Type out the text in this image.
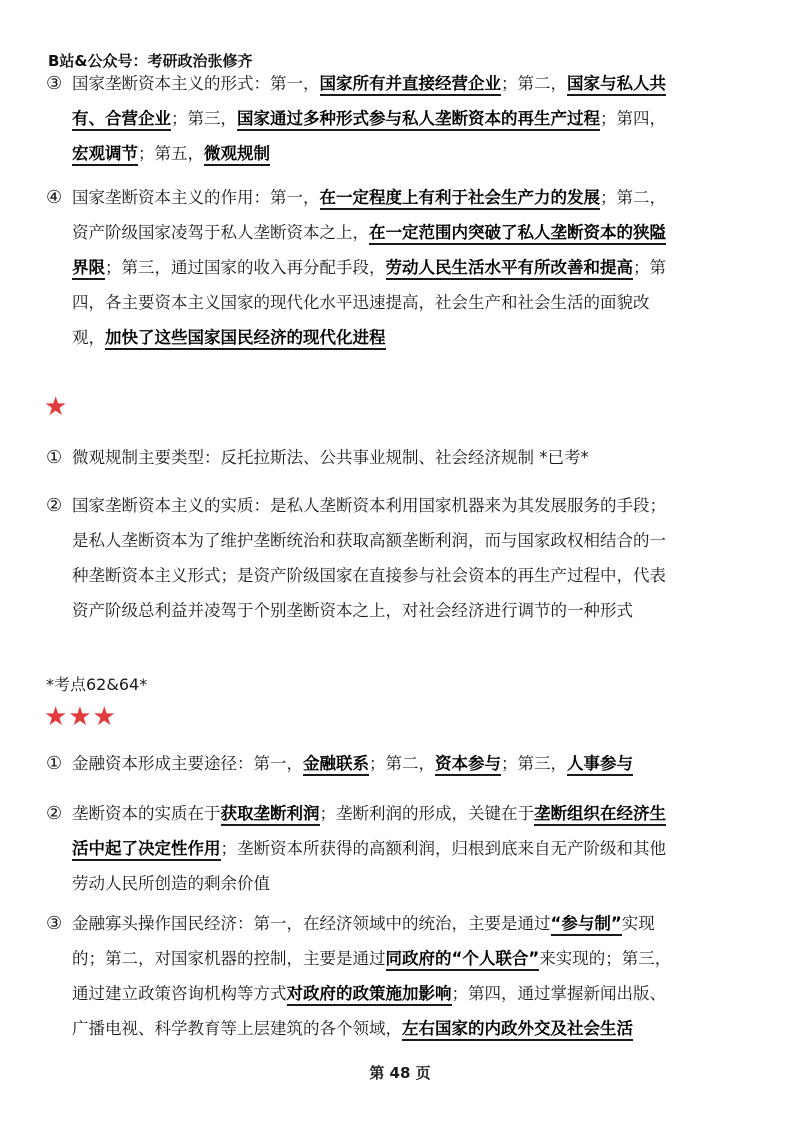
B站&公众号：考研政治张修齐
③ 国家垄断资本主义的形式：第一，国家所有并直接经营企业；第二，国家与私人共
有、合营企业；第三，国家通过多种形式参与私人垄断资本的再生产过程；第四，
宏观调节；第五，微观规制
④ 国家垄断资本主义的作用：第一，在一定程度上有利于社会生产力的发展；第二，
资产阶级国家凌驾于私人垄断资本之上，在一定范围内突破了私人垄断资本的狭隘
界限；第三，通过国家的收入再分配手段，劳动人民生活水平有所改善和提高；第
四，各主要资本主义国家的现代化水平迅速提高，社会生产和社会生活的面貌改
观，加快了这些国家国民经济的现代化进程
★
① 微观规制主要类型：反托拉斯法、公共事业规制、社会经济规制 *已考*
② 国家垄断资本主义的实质：是私人垄断资本利用国家机器来为其发展服务的手段；
是私人垄断资本为了维护垄断统治和获取高额垄断利润，而与国家政权相结合的一
种垄断资本主义形式；是资产阶级国家在直接参与社会资本的再生产过程中，代表
资产阶级总利益并凌驾于个别垄断资本之上，对社会经济进行调节的一种形式
*考点62&64*
★★★
① 金融资本形成主要途径：第一，金融联系；第二，资本参与；第三，人事参与
② 垄断资本的实质在于获取垄断利润；垄断利润的形成，关键在于垄断组织在经济生
活中起了决定性作用；垄断资本所获得的高额利润，归根到底来自无产阶级和其他
劳动人民所创造的剩余价值
③ 金融寡头操作国民经济：第一，在经济领域中的统治，主要是通过“参与制”实现
的；第二，对国家机器的控制，主要是通过同政府的“个人联合”来实现的；第三，
通过建立政策咨询机构等方式对政府的政策施加影响；第四，通过掌握新闻出版、
广播电视、科学教育等上层建筑的各个领域，左右国家的内政外交及社会生活
第 48 页
